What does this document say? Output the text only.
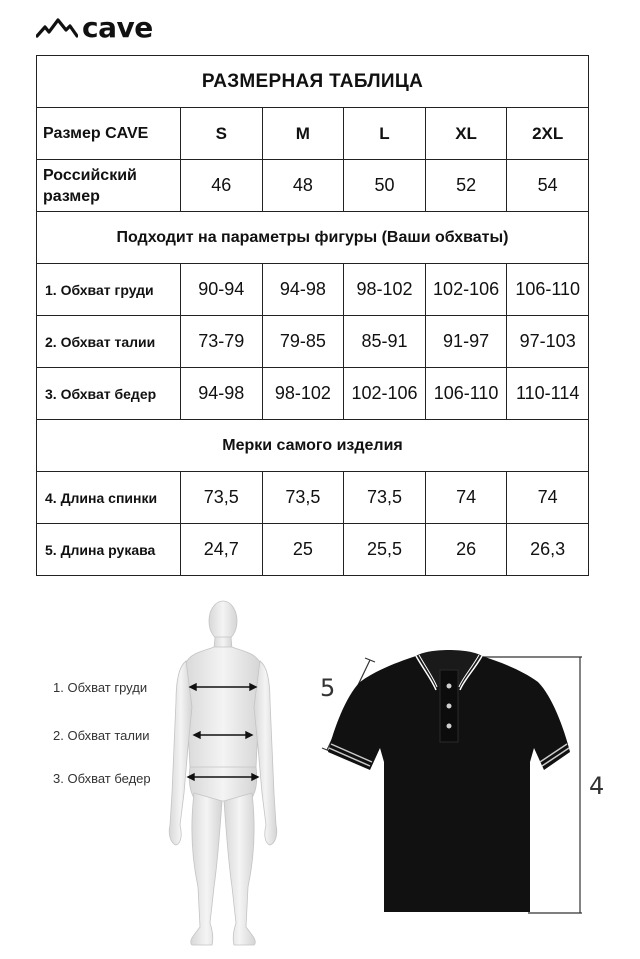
cave
РАЗМЕРНАЯ ТАБЛИЦА					
Размер CAVE	S	M	L	XL	2XL
Российский
размер	46	48	50	52	54
Подходит на параметры фигуры (Ваши обхваты)					
1. Обхват груди	90-94	94-98	98-102	102-106	106-110
2. Обхват талии	73-79	79-85	85-91	91-97	97-103
3. Обхват бедер	94-98	98-102	102-106	106-110	110-114
Мерки самого изделия					
4. Длина спинки	73,5	73,5	73,5	74	74
5. Длина рукава	24,7	25	25,5	26	26,3
1. Обхват груди
2. Обхват талии
3. Обхват бедер
5
4
